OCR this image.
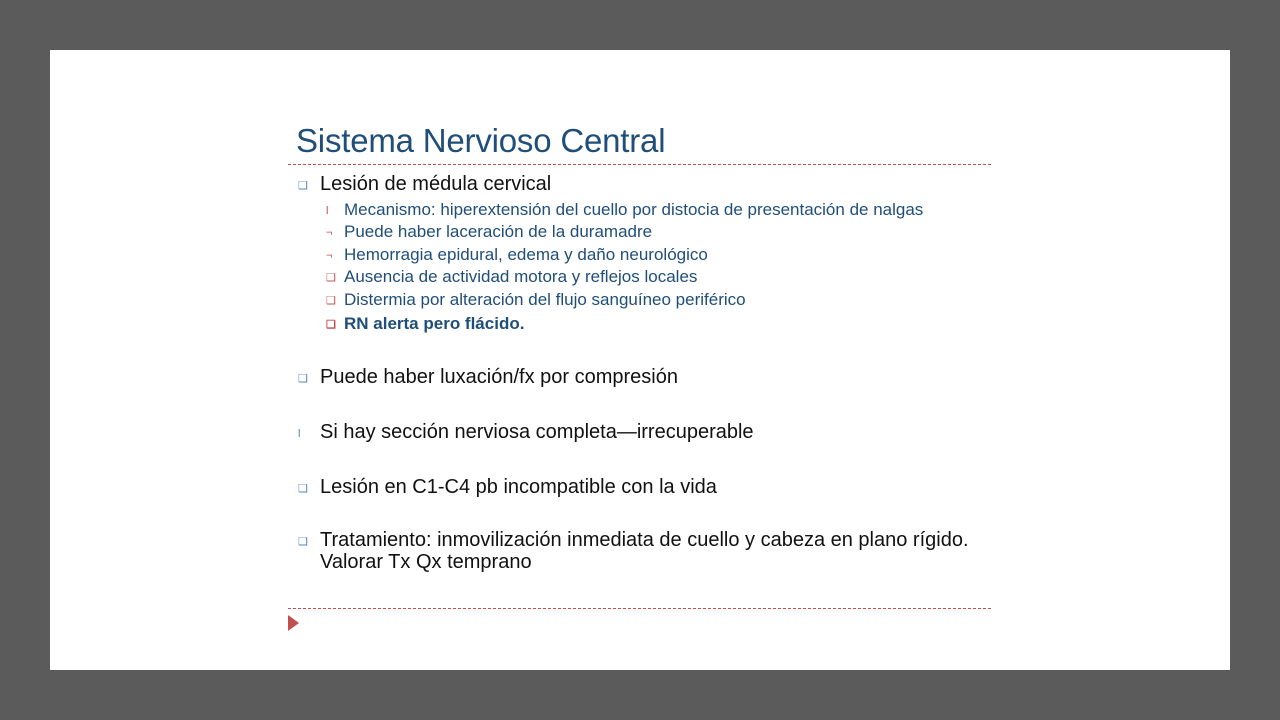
Sistema Nervioso Central
❑ Lesión de médula cervical
l Mecanismo: hiperextensión del cuello por distocia de presentación de nalgas
¬ Puede haber laceración de la duramadre
¬ Hemorragia epidural, edema y daño neurológico
❑ Ausencia de actividad motora y reflejos locales
❑ Distermia por alteración del flujo sanguíneo periférico
❑ RN alerta pero flácido.
❑ Puede haber luxación/fx por compresión
l Si hay sección nerviosa completa—irrecuperable
❑ Lesión en C1-C4 pb incompatible con la vida
❑ Tratamiento: inmovilización inmediata de cuello y cabeza en plano rígido. Valorar Tx Qx temprano
